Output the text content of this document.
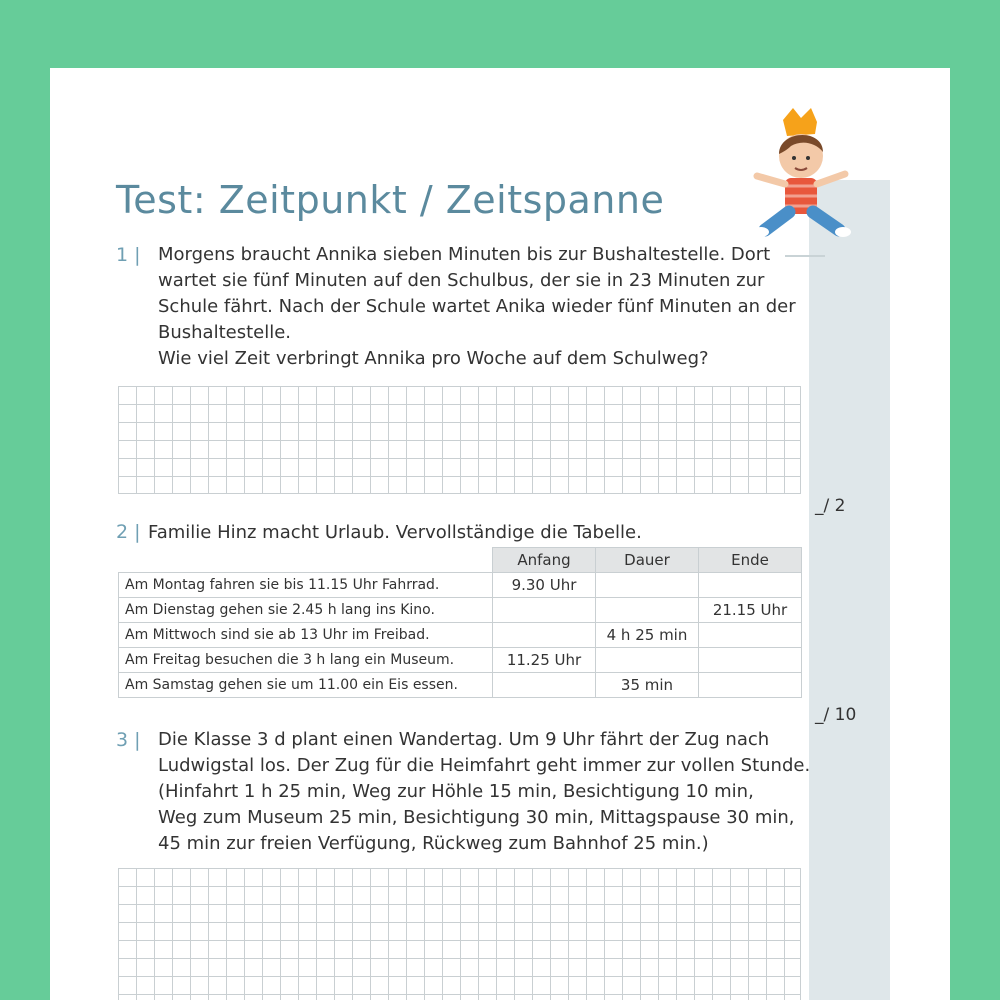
Test: Zeitpunkt / Zeitspanne
1 | Morgens braucht Annika sieben Minuten bis zur Bushaltestelle. Dort
wartet sie fünf Minuten auf den Schulbus, der sie in 23 Minuten zur
Schule fährt. Nach der Schule wartet Anika wieder fünf Minuten an der
Bushaltestelle.
Wie viel Zeit verbringt Annika pro Woche auf dem Schulweg?
_/ 2
2 | Familie Hinz macht Urlaub. Vervollständige die Tabelle.
	Anfang	Dauer	Ende
Am Montag fahren sie bis 11.15 Uhr Fahrrad.	9.30 Uhr		
Am Dienstag gehen sie 2.45 h lang ins Kino.			21.15 Uhr
Am Mittwoch sind sie ab 13 Uhr im Freibad.		4 h 25 min	
Am Freitag besuchen die 3 h lang ein Museum.	11.25 Uhr		
Am Samstag gehen sie um 11.00 ein Eis essen.		35 min	
_/ 10
3 | Die Klasse 3 d plant einen Wandertag. Um 9 Uhr fährt der Zug nach
Ludwigstal los. Der Zug für die Heimfahrt geht immer zur vollen Stunde.
(Hinfahrt 1 h 25 min, Weg zur Höhle 15 min, Besichtigung 10 min,
Weg zum Museum 25 min, Besichtigung 30 min, Mittagspause 30 min,
45 min zur freien Verfügung, Rückweg zum Bahnhof 25 min.)
